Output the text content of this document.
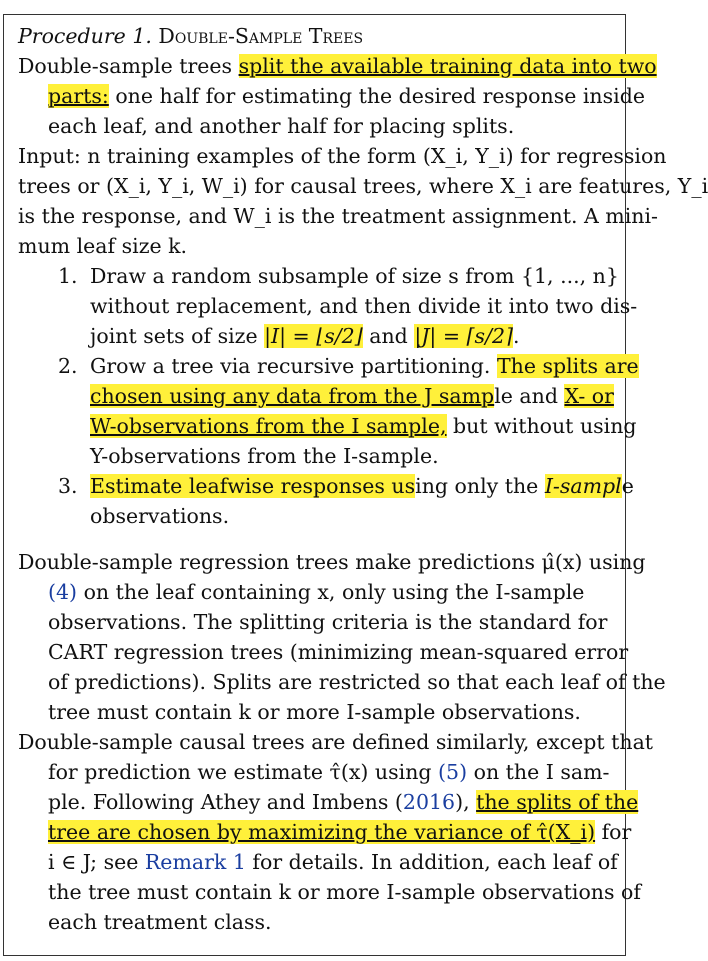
Procedure 1. Double-Sample Trees
Double-sample trees split the available training data into two
parts: one half for estimating the desired response inside
each leaf, and another half for placing splits.
Input: n training examples of the form (X_i, Y_i) for regression
trees or (X_i, Y_i, W_i) for causal trees, where X_i are features, Y_i
is the response, and W_i is the treatment assignment. A mini-
mum leaf size k.
1. Draw a random subsample of size s from {1, ..., n}
without replacement, and then divide it into two dis-
joint sets of size |I| = ⌊s/2⌋ and |J| = ⌈s/2⌉.
2. Grow a tree via recursive partitioning. The splits are
chosen using any data from the J sample and X- or
W-observations from the I sample, but without using
Y-observations from the I-sample.
3. Estimate leafwise responses using only the I-sample
observations.
Double-sample regression trees make predictions μ̂(x) using
(4) on the leaf containing x, only using the I-sample
observations. The splitting criteria is the standard for
CART regression trees (minimizing mean-squared error
of predictions). Splits are restricted so that each leaf of the
tree must contain k or more I-sample observations.
Double-sample causal trees are defined similarly, except that
for prediction we estimate τ̂(x) using (5) on the I sam-
ple. Following Athey and Imbens (2016), the splits of the
tree are chosen by maximizing the variance of τ̂(X_i) for
i ∈ J; see Remark 1 for details. In addition, each leaf of
the tree must contain k or more I-sample observations of
each treatment class.
